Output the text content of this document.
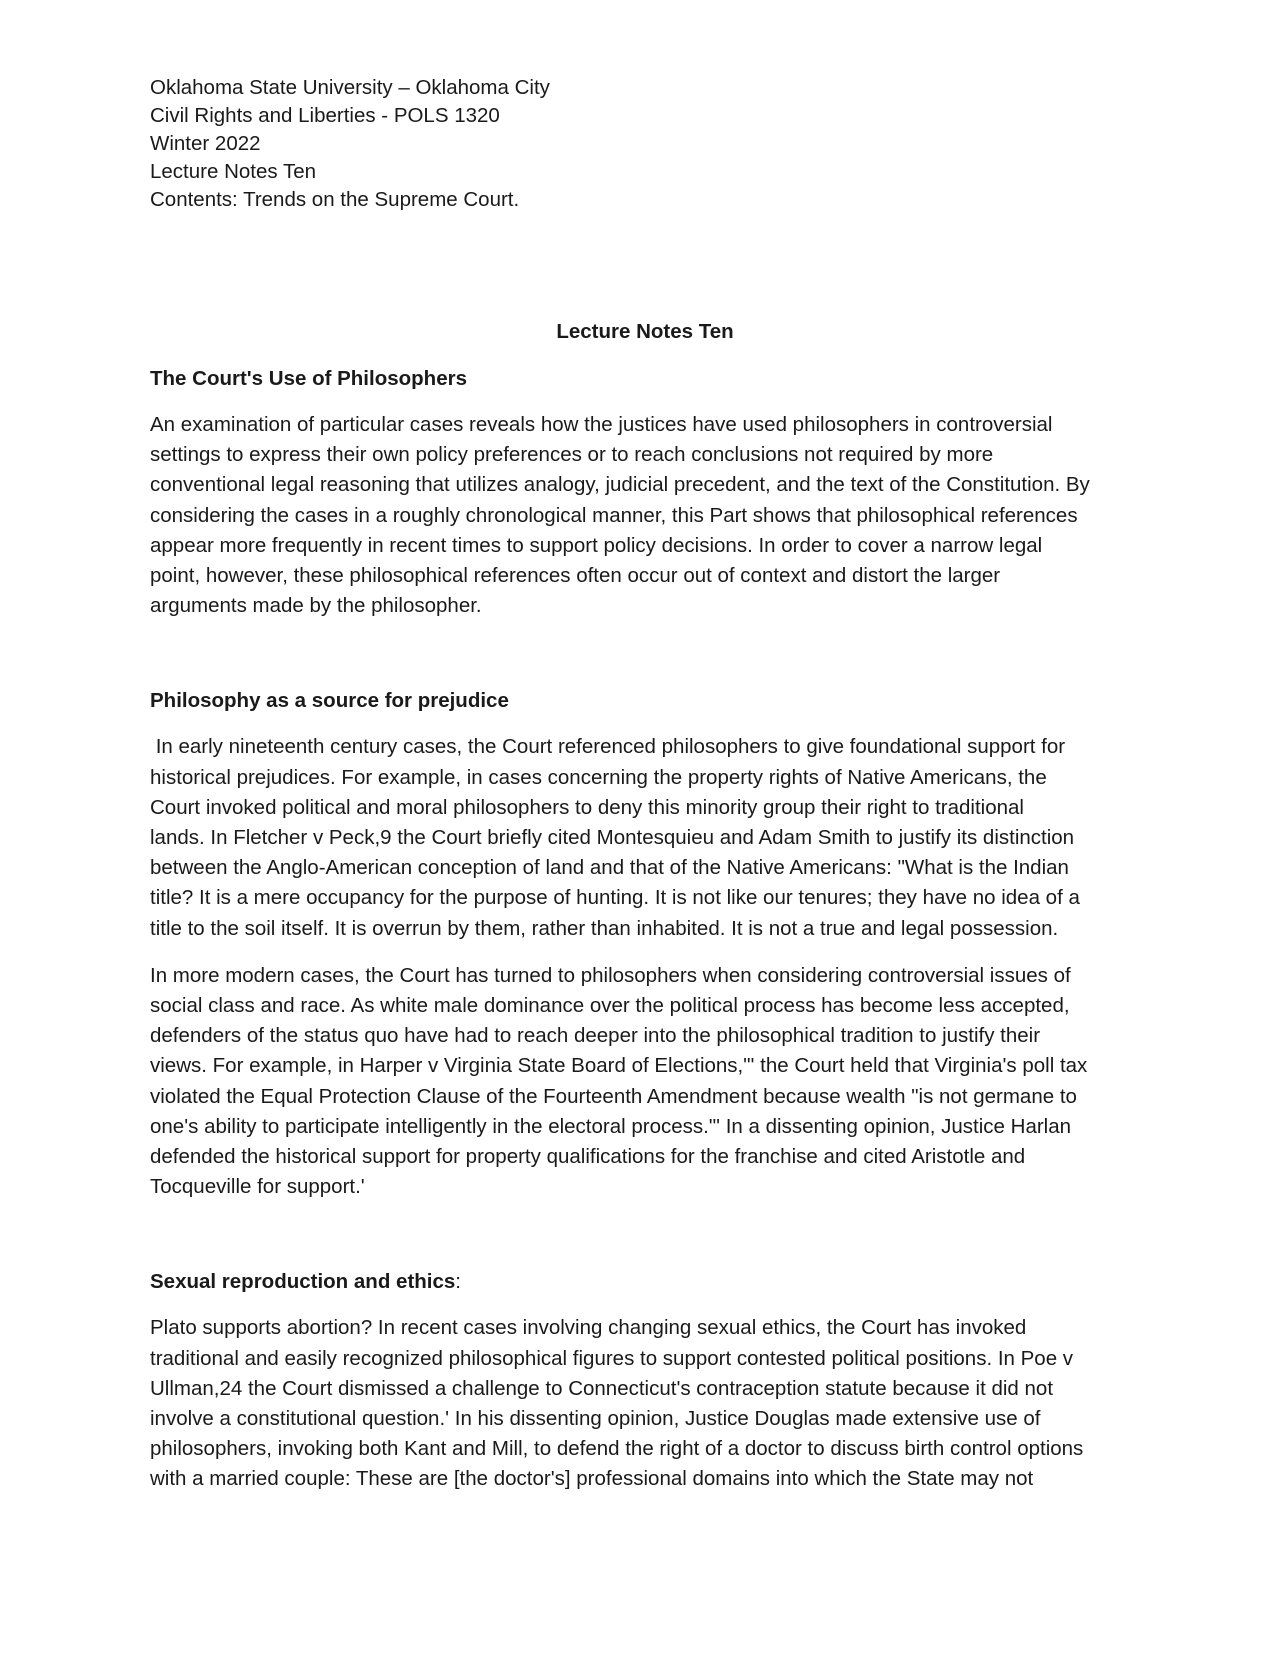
Oklahoma State University – Oklahoma City

Civil Rights and Liberties - POLS 1320

Winter 2022

Lecture Notes Ten

Contents: Trends on the Supreme Court.

Lecture Notes Ten

The Court's Use of Philosophers

An examination of particular cases reveals how the justices have used philosophers in controversial
settings to express their own policy preferences or to reach conclusions not required by more
conventional legal reasoning that utilizes analogy, judicial precedent, and the text of the Constitution. By
considering the cases in a roughly chronological manner, this Part shows that philosophical references
appear more frequently in recent times to support policy decisions. In order to cover a narrow legal
point, however, these philosophical references often occur out of context and distort the larger
arguments made by the philosopher.

Philosophy as a source for prejudice

In early nineteenth century cases, the Court referenced philosophers to give foundational support for
historical prejudices. For example, in cases concerning the property rights of Native Americans, the
Court invoked political and moral philosophers to deny this minority group their right to traditional
lands. In Fletcher v Peck,9 the Court briefly cited Montesquieu and Adam Smith to justify its distinction
between the Anglo-American conception of land and that of the Native Americans: "What is the Indian
title? It is a mere occupancy for the purpose of hunting. It is not like our tenures; they have no idea of a
title to the soil itself. It is overrun by them, rather than inhabited. It is not a true and legal possession.

In more modern cases, the Court has turned to philosophers when considering controversial issues of
social class and race. As white male dominance over the political process has become less accepted,
defenders of the status quo have had to reach deeper into the philosophical tradition to justify their
views. For example, in Harper v Virginia State Board of Elections,"' the Court held that Virginia's poll tax
violated the Equal Protection Clause of the Fourteenth Amendment because wealth "is not germane to
one's ability to participate intelligently in the electoral process."' In a dissenting opinion, Justice Harlan
defended the historical support for property qualifications for the franchise and cited Aristotle and
Tocqueville for support.'

Sexual reproduction and ethics:

Plato supports abortion? In recent cases involving changing sexual ethics, the Court has invoked
traditional and easily recognized philosophical figures to support contested political positions. In Poe v
Ullman,24 the Court dismissed a challenge to Connecticut's contraception statute because it did not
involve a constitutional question.' In his dissenting opinion, Justice Douglas made extensive use of
philosophers, invoking both Kant and Mill, to defend the right of a doctor to discuss birth control options
with a married couple: These are [the doctor's] professional domains into which the State may not
